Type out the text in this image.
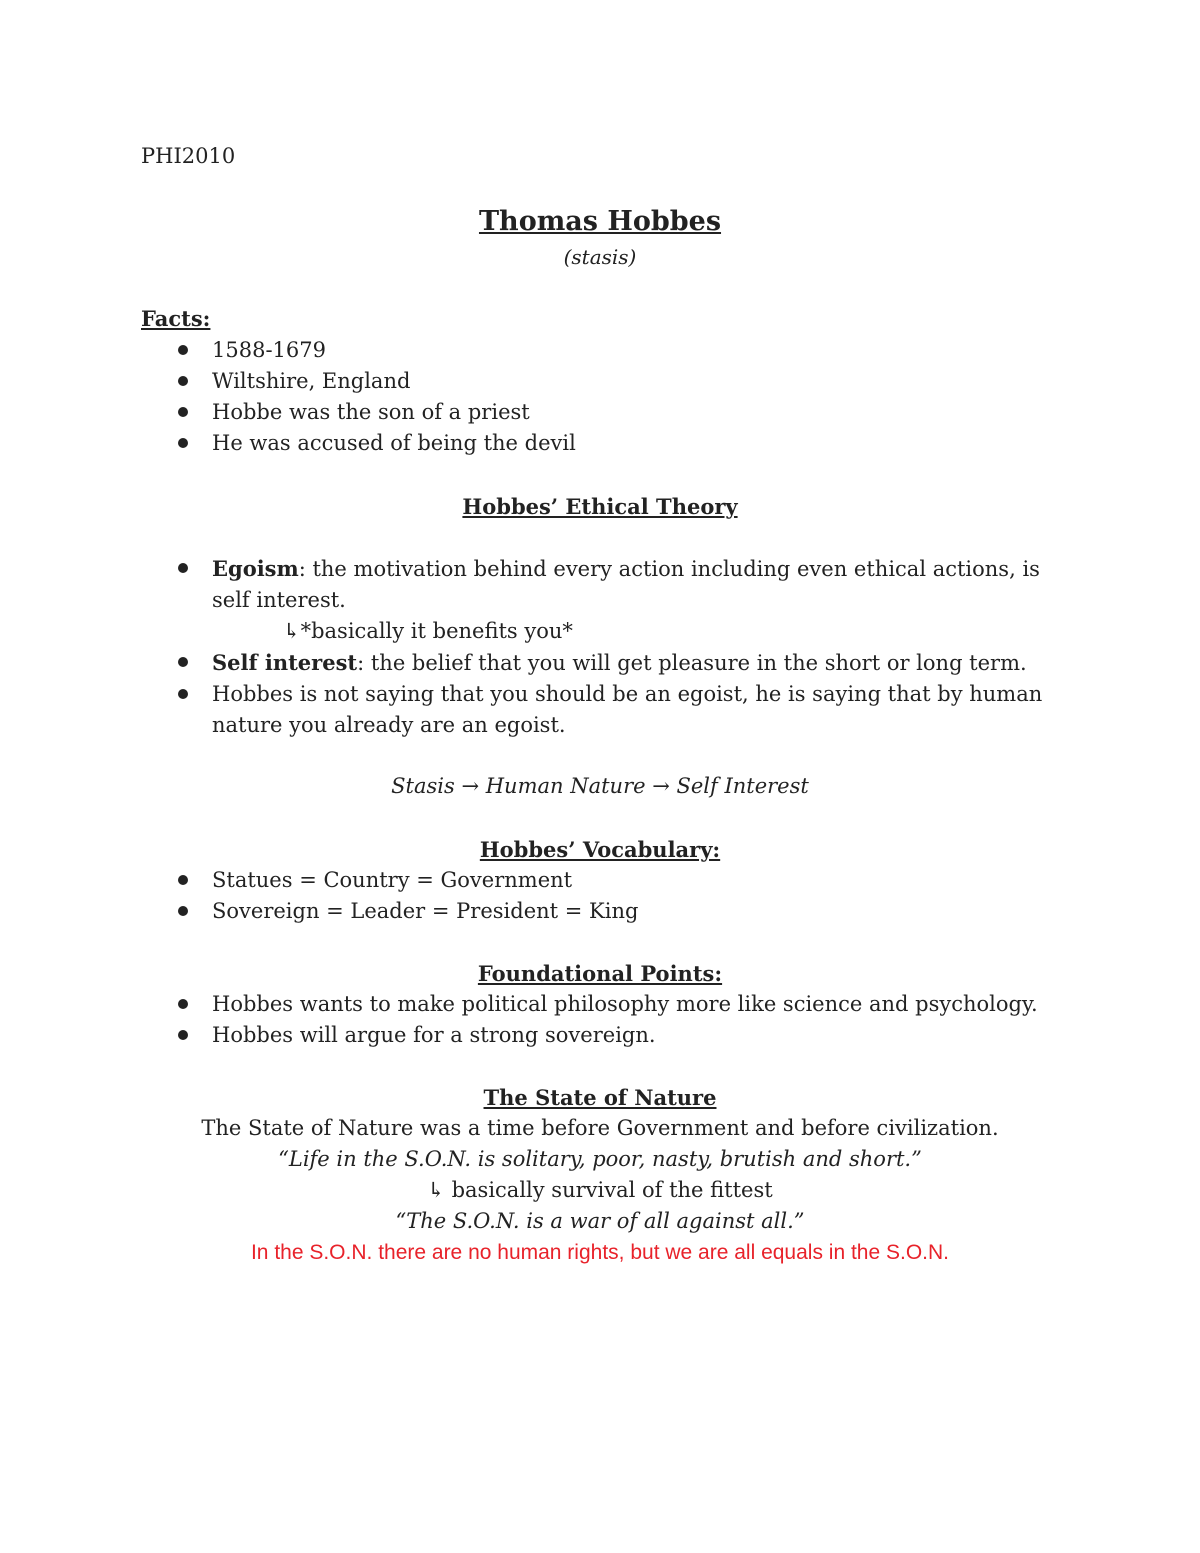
PHI2010
Thomas Hobbes
(stasis)
Facts:
1588-1679
Wiltshire, England
Hobbe was the son of a priest
He was accused of being the devil
Hobbes’ Ethical Theory
Egoism: the motivation behind every action including even ethical actions, is self interest.
↳*basically it benefits you*
Self interest: the belief that you will get pleasure in the short or long term.
Hobbes is not saying that you should be an egoist, he is saying that by human nature you already are an egoist.
Stasis → Human Nature → Self Interest
Hobbes’ Vocabulary:
Statues = Country = Government
Sovereign = Leader = President = King
Foundational Points:
Hobbes wants to make political philosophy more like science and psychology.
Hobbes will argue for a strong sovereign.
The State of Nature
The State of Nature was a time before Government and before civilization.
“Life in the S.O.N. is solitary, poor, nasty, brutish and short.”
↳ basically survival of the fittest
“The S.O.N. is a war of all against all.”
In the S.O.N. there are no human rights, but we are all equals in the S.O.N.
